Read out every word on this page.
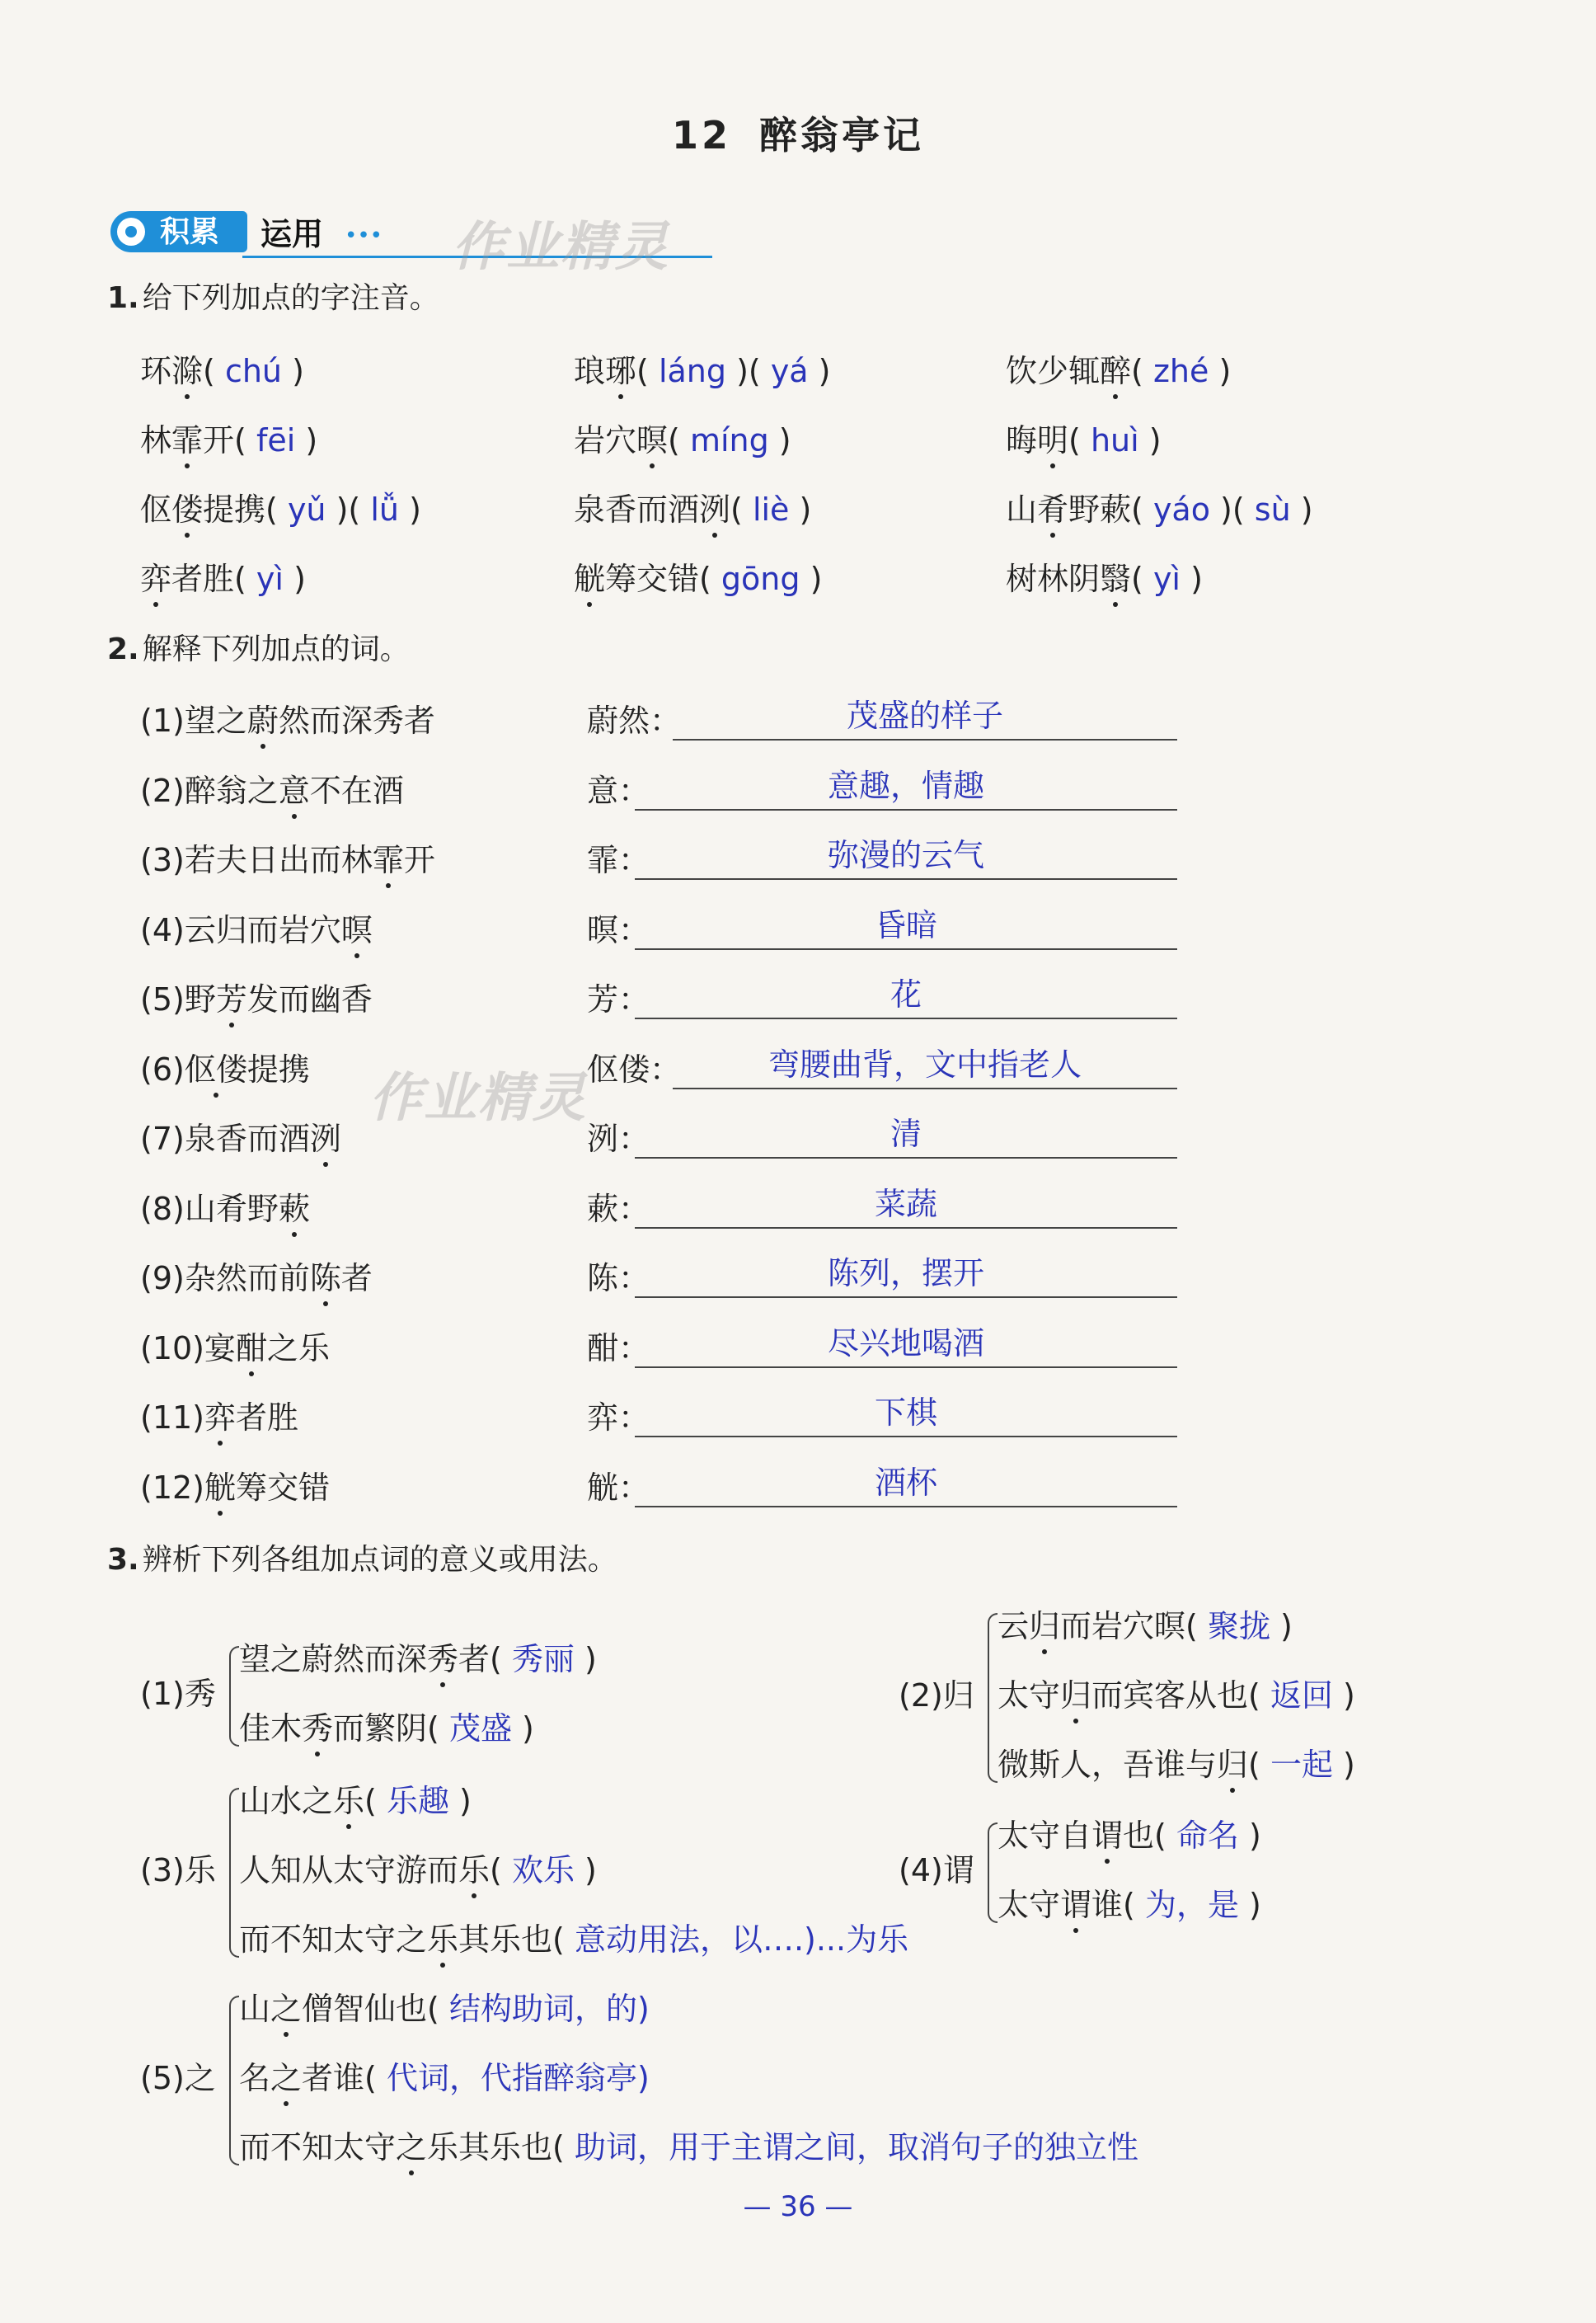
12 醉翁亭记
积累 运用 ••• 作业精灵
作业精灵
1. 给下列加点的字注音。
2. 解释下列加点的词。
3. 辨析下列各组加点词的意义或用法。
— 36 —
环滁( chú )	琅琊( láng )( yá )	饮少辄醉( zhé )
林霏开( fēi )	岩穴暝( míng )	晦明( huì )
伛偻提携( yǔ )( lǚ )	泉香而酒洌( liè )	山肴野蔌( yáo )( sù )
弈者胜( yì )	觥筹交错( gōng )	树林阴翳( yì )
(1)望之蔚然而深秀者	蔚然：	茂盛的样子
(2)醉翁之意不在酒	意：	意趣，情趣
(3)若夫日出而林霏开	霏：	弥漫的云气
(4)云归而岩穴暝	暝：	昏暗
(5)野芳发而幽香	芳：	花
(6)伛偻提携	伛偻：	弯腰曲背，文中指老人
(7)泉香而酒洌	洌：	清
(8)山肴野蔌	蔌：	菜蔬
(9)杂然而前陈者	陈：	陈列，摆开
(10)宴酣之乐	酣：	尽兴地喝酒
(11)弈者胜	弈：	下棋
(12)觥筹交错	觥：	酒杯
(1)秀
望之蔚然而深秀者( 秀丽 )
佳木秀而繁阴( 茂盛 )
(2)归
云归而岩穴暝( 聚拢 )
太守归而宾客从也( 返回 )
微斯人，吾谁与归( 一起 )
(3)乐
山水之乐( 乐趣 )
人知从太守游而乐( 欢乐 )
而不知太守之乐其乐也( 意动用法，以….)...为乐
(4)谓
太守自谓也( 命名 )
太守谓谁( 为，是 )
(5)之
山之僧智仙也( 结构助词，的)
名之者谁( 代词，代指醉翁亭)
而不知太守之乐其乐也( 助词，用于主谓之间，取消句子的独立性
